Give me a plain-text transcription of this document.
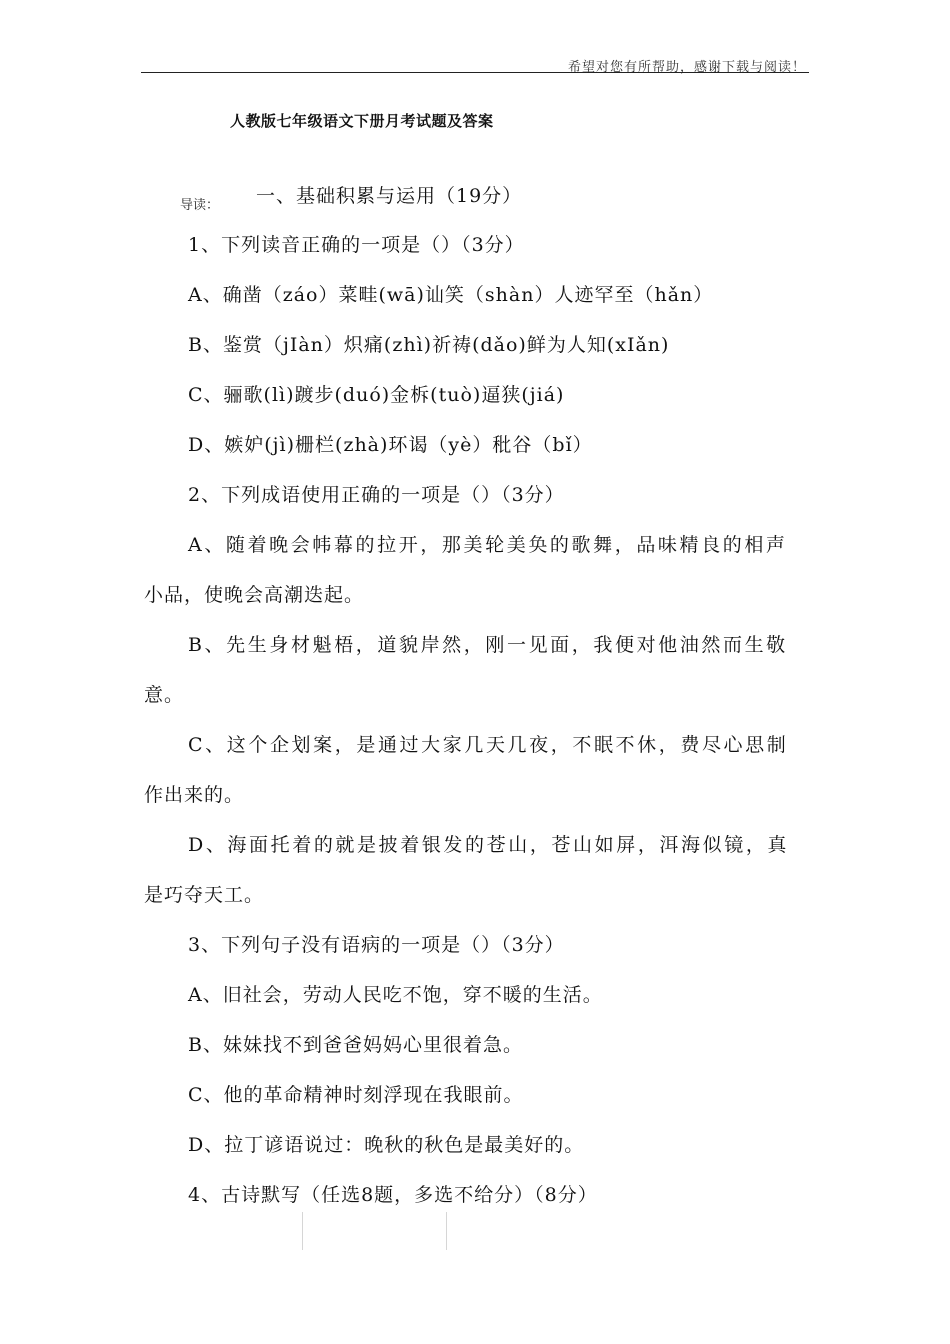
希望对您有所帮助，感谢下载与阅读！
人教版七年级语文下册月考试题及答案
导读： 一、基础积累与运用（19分）
1、下列读音正确的一项是（）（3分）
A、确凿（záo）菜畦(wā)讪笑（shàn）人迹罕至（hǎn）
B、鉴赏（jIàn）炽痛(zhì)祈祷(dǎo)鲜为人知(xIǎn)
C、骊歌(lì)踱步(duó)金柝(tuò)逼狭(jiá)
D、嫉妒(jì)栅栏(zhà)环谒（yè）秕谷（bǐ）
2、下列成语使用正确的一项是（）（3分）
A、随着晚会帏幕的拉开，那美轮美奂的歌舞，品味精良的相声
小品，使晚会高潮迭起。
B、先生身材魁梧，道貌岸然，刚一见面，我便对他油然而生敬
意。
C、这个企划案，是通过大家几天几夜，不眠不休，费尽心思制
作出来的。
D、海面托着的就是披着银发的苍山，苍山如屏，洱海似镜，真
是巧夺天工。
3、下列句子没有语病的一项是（）（3分）
A、旧社会，劳动人民吃不饱，穿不暖的生活。
B、妹妹找不到爸爸妈妈心里很着急。
C、他的革命精神时刻浮现在我眼前。
D、拉丁谚语说过：晚秋的秋色是最美好的。
4、古诗默写（任选8题，多选不给分）（8分）
